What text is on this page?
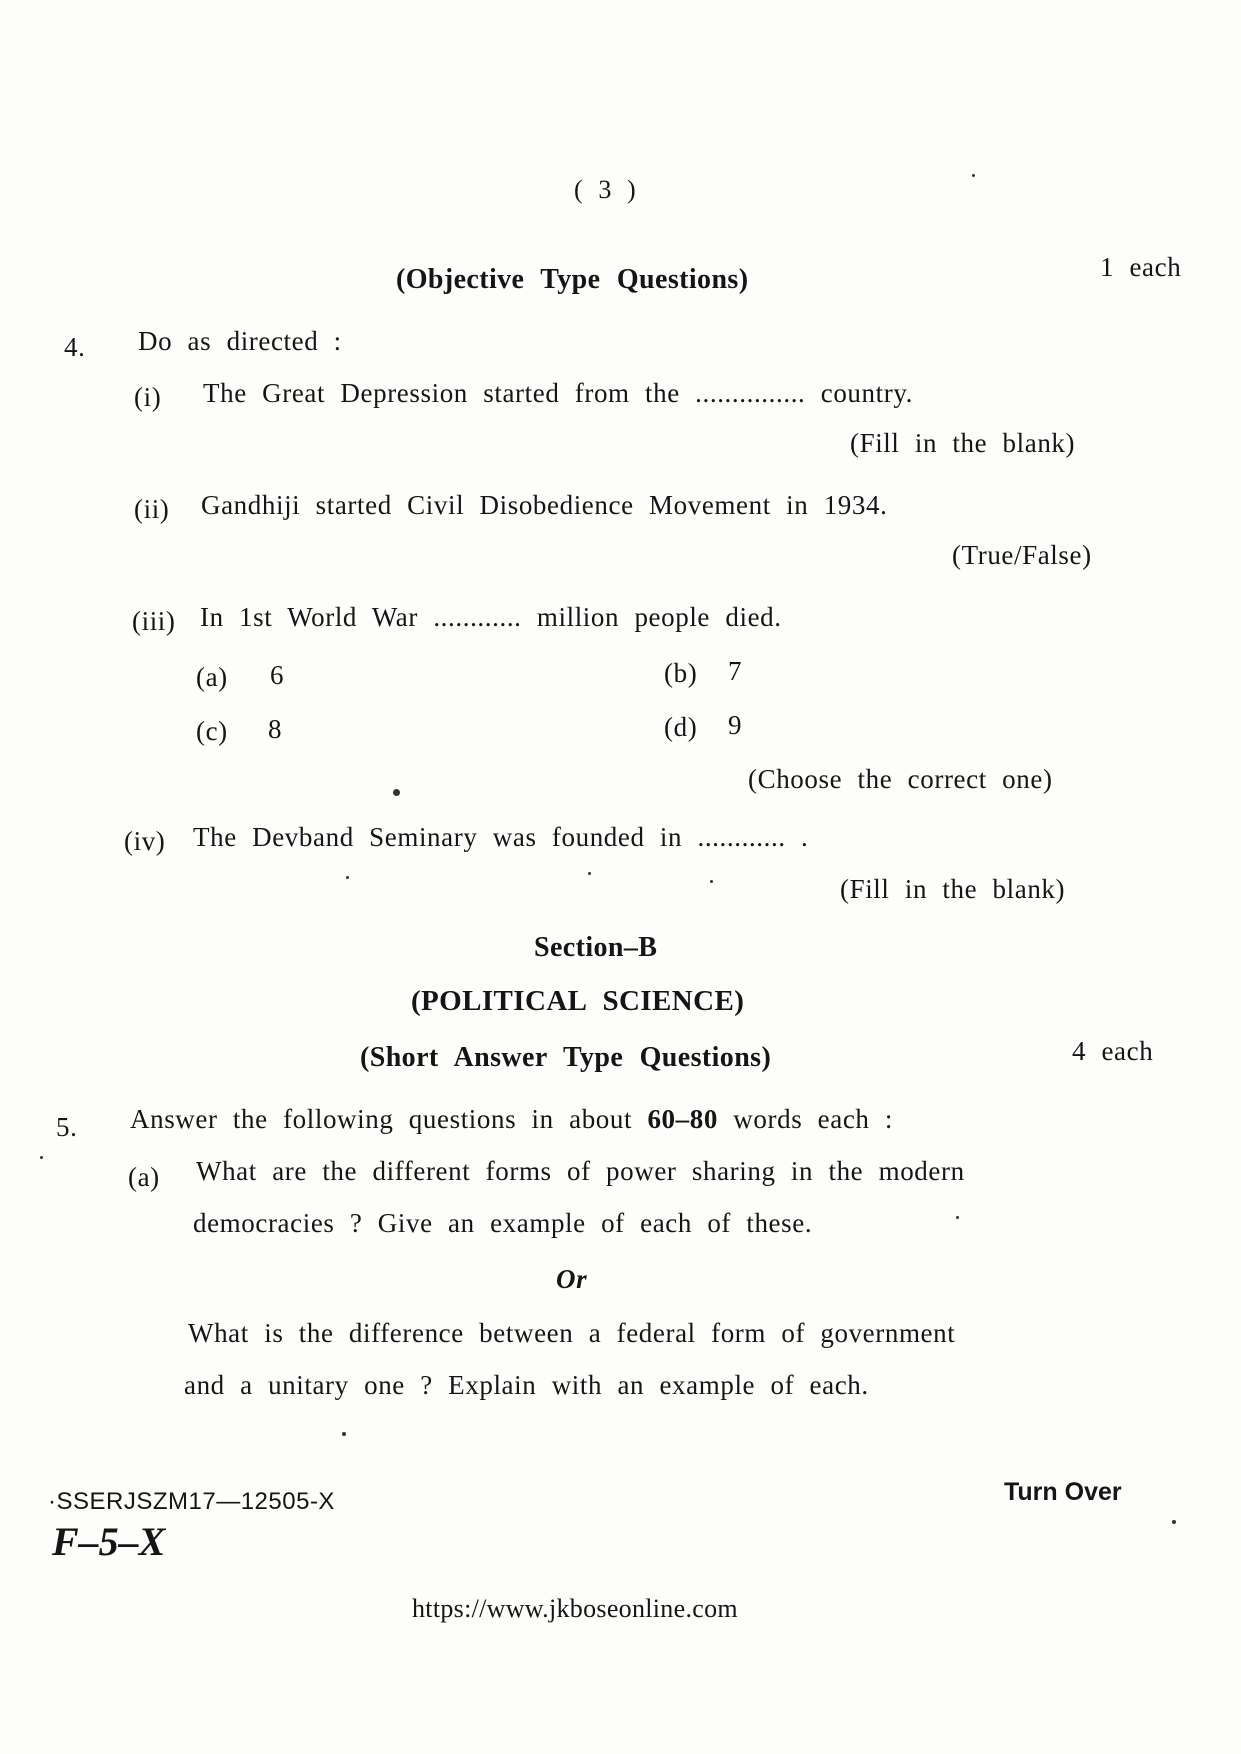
( 3 )
(Objective Type Questions)	1 each
4. Do as directed :
(i) The Great Depression started from the ............... country.
(Fill in the blank)
(ii) Gandhiji started Civil Disobedience Movement in 1934.
(True/False)
(iii) In 1st World War ............ million people died.
(a) 6	(b) 7
(c) 8	(d) 9
(Choose the correct one)
(iv) The Devband Seminary was founded in ............ .
(Fill in the blank)
Section–B
(POLITICAL SCIENCE)
(Short Answer Type Questions)	4 each
5. Answer the following questions in about 60–80 words each :
(a) What are the different forms of power sharing in the modern
democracies ? Give an example of each of these.
Or
What is the difference between a federal form of government
and a unitary one ? Explain with an example of each.
·SSERJSZM17—12505-X	Turn Over
F–5–X
https://www.jkboseonline.com
